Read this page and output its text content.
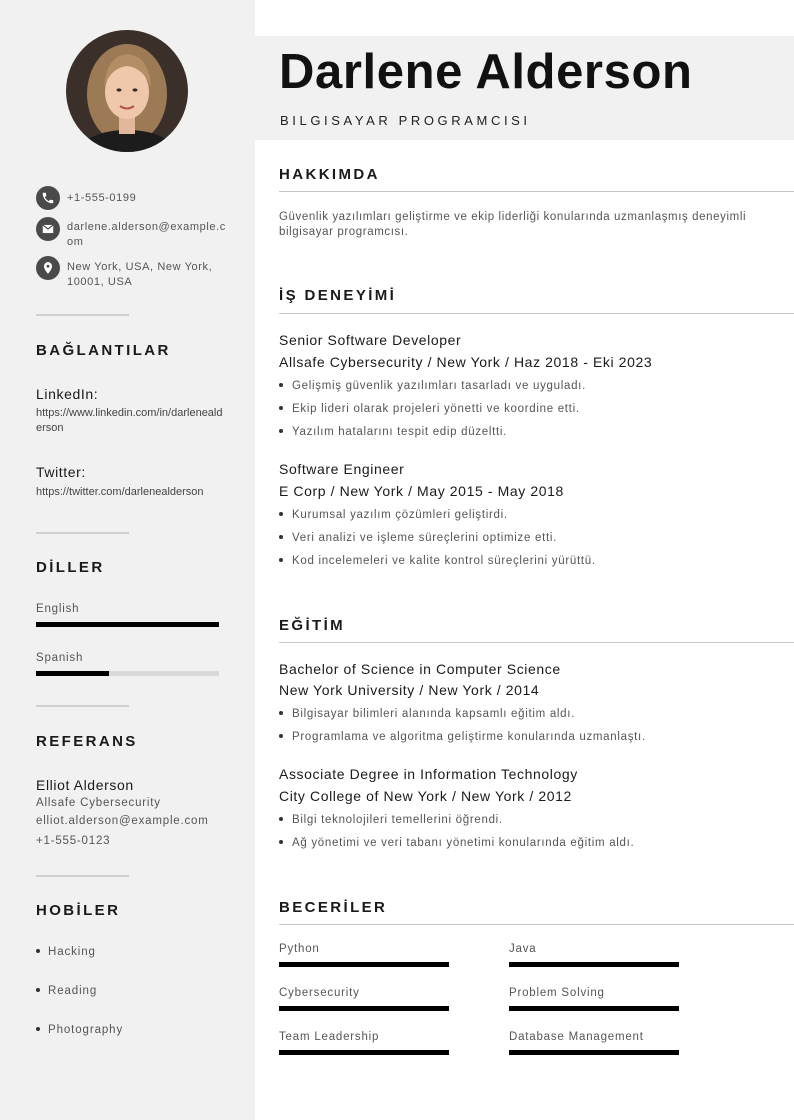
+1-555-0199
darlene.alderson@example.com
New York, USA, New York, 10001, USA
BAĞLANTILAR
LinkedIn:
https://www.linkedin.com/in/darlenealderson
Twitter:
https://twitter.com/darlenealderson
DİLLER
English
Spanish
REFERANS
Elliot Alderson
Allsafe Cybersecurity
elliot.alderson@example.com
+1-555-0123
HOBİLER
Hacking
Reading
Photography
Darlene Alderson
BILGISAYAR PROGRAMCISI
HAKKIMDA
Güvenlik yazılımları geliştirme ve ekip liderliği konularında uzmanlaşmış deneyimli bilgisayar programcısı.
İŞ DENEYİMİ
Senior Software Developer
Allsafe Cybersecurity / New York / Haz 2018 - Eki 2023
Gelişmiş güvenlik yazılımları tasarladı ve uyguladı.
Ekip lideri olarak projeleri yönetti ve koordine etti.
Yazılım hatalarını tespit edip düzeltti.
Software Engineer
E Corp / New York / May 2015 - May 2018
Kurumsal yazılım çözümleri geliştirdi.
Veri analizi ve işleme süreçlerini optimize etti.
Kod incelemeleri ve kalite kontrol süreçlerini yürüttü.
EĞİTİM
Bachelor of Science in Computer Science
New York University / New York / 2014
Bilgisayar bilimleri alanında kapsamlı eğitim aldı.
Programlama ve algoritma geliştirme konularında uzmanlaştı.
Associate Degree in Information Technology
City College of New York / New York / 2012
Bilgi teknolojileri temellerini öğrendi.
Ağ yönetimi ve veri tabanı yönetimi konularında eğitim aldı.
BECERİLER
Python	Java
Cybersecurity	Problem Solving
Team Leadership	Database Management
